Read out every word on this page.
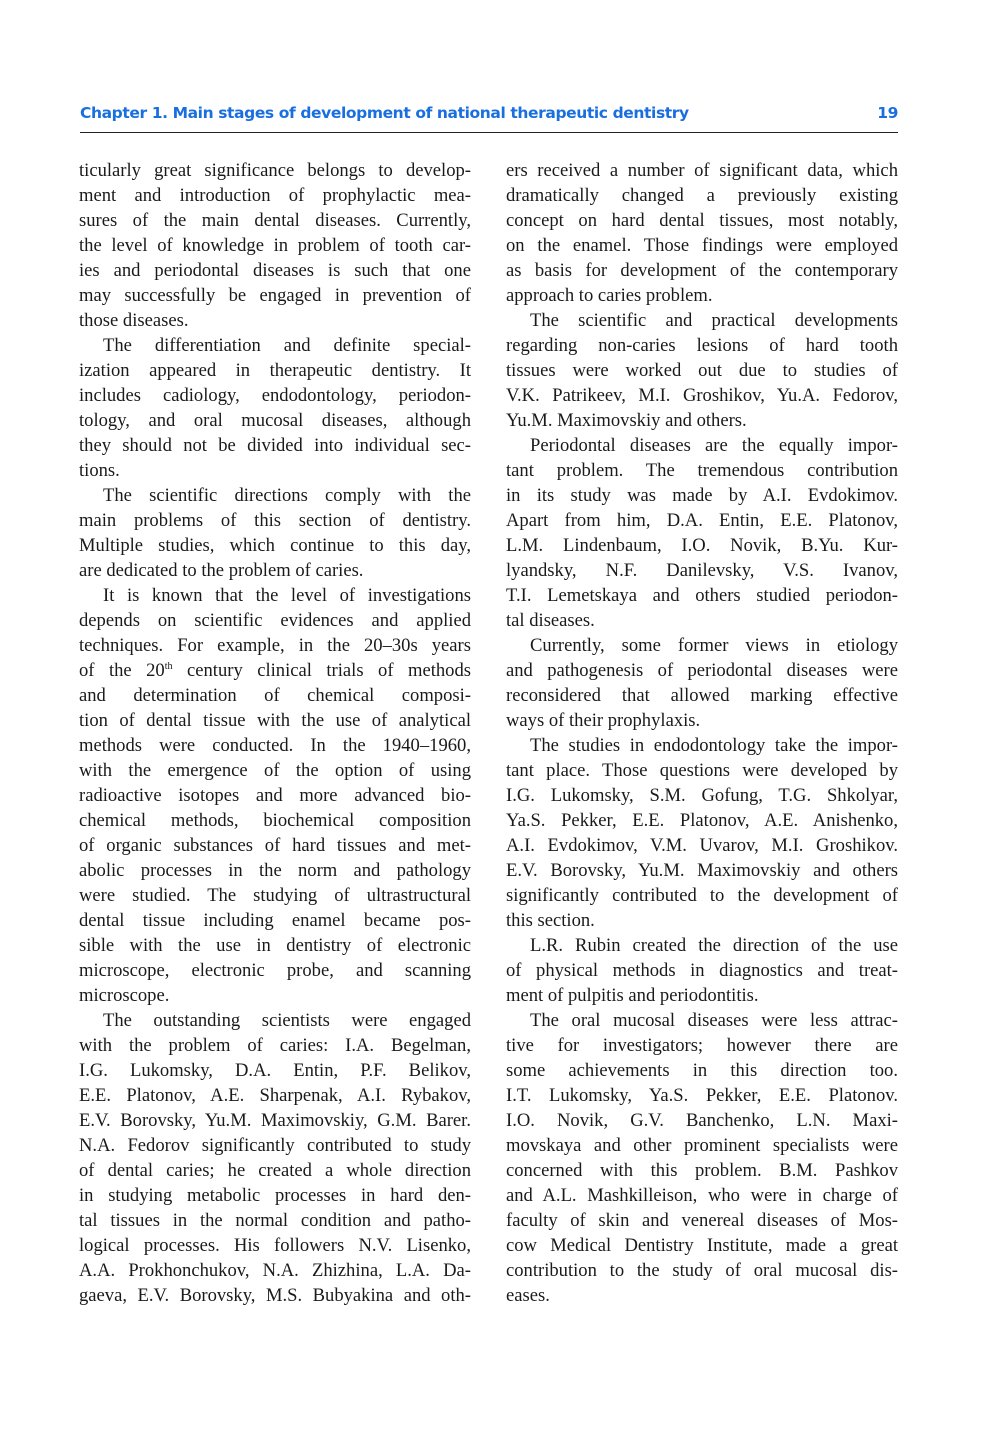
Chapter 1. Main stages of development of national therapeutic dentistry	19
ticularly great significance belongs to develop-
ment and introduction of prophylactic mea-
sures of the main dental diseases. Currently,
the level of knowledge in problem of tooth car-
ies and periodontal diseases is such that one
may successfully be engaged in prevention of
those diseases.
The differentiation and definite special-
ization appeared in therapeutic dentistry. It
includes cadiology, endodontology, periodon-
tology, and oral mucosal diseases, although
they should not be divided into individual sec-
tions.
The scientific directions comply with the
main problems of this section of dentistry.
Multiple studies, which continue to this day,
are dedicated to the problem of caries.
It is known that the level of investigations
depends on scientific evidences and applied
techniques. For example, in the 20–30s years
of the 20th century clinical trials of methods
and determination of chemical composi-
tion of dental tissue with the use of analytical
methods were conducted. In the 1940–1960,
with the emergence of the option of using
radioactive isotopes and more advanced bio-
chemical methods, biochemical composition
of organic substances of hard tissues and met-
abolic processes in the norm and pathology
were studied. The studying of ultrastructural
dental tissue including enamel became pos-
sible with the use in dentistry of electronic
microscope, electronic probe, and scanning
microscope.
The outstanding scientists were engaged
with the problem of caries: I.A. Begelman,
I.G. Lukomsky, D.A. Entin, P.F. Belikov,
E.E. Platonov, A.E. Sharpenak, A.I. Rybakov,
E.V. Borovsky, Yu.M. Maximovskiy, G.M. Barer.
N.A. Fedorov significantly contributed to study
of dental caries; he created a whole direction
in studying metabolic processes in hard den-
tal tissues in the normal condition and patho-
logical processes. His followers N.V. Lisenko,
A.A. Prokhonchukov, N.A. Zhizhina, L.A. Da-
gaeva, E.V. Borovsky, M.S. Bubyakina and oth-
ers received a number of significant data, which
dramatically changed a previously existing
concept on hard dental tissues, most notably,
on the enamel. Those findings were employed
as basis for development of the contemporary
approach to caries problem.
The scientific and practical developments
regarding non-caries lesions of hard tooth
tissues were worked out due to studies of
V.K. Patrikeev, M.I. Groshikov, Yu.A. Fedorov,
Yu.M. Maximovskiy and others.
Periodontal diseases are the equally impor-
tant problem. The tremendous contribution
in its study was made by A.I. Evdokimov.
Apart from him, D.A. Entin, E.E. Platonov,
L.M. Lindenbaum, I.O. Novik, B.Yu. Kur-
lyandsky, N.F. Danilevsky, V.S. Ivanov,
T.I. Lemetskaya and others studied periodon-
tal diseases.
Currently, some former views in etiology
and pathogenesis of periodontal diseases were
reconsidered that allowed marking effective
ways of their prophylaxis.
The studies in endodontology take the impor-
tant place. Those questions were developed by
I.G. Lukomsky, S.M. Gofung, T.G. Shkolyar,
Ya.S. Pekker, E.E. Platonov, A.E. Anishenko,
A.I. Evdokimov, V.M. Uvarov, M.I. Groshikov.
E.V. Borovsky, Yu.M. Maximovskiy and others
significantly contributed to the development of
this section.
L.R. Rubin created the direction of the use
of physical methods in diagnostics and treat-
ment of pulpitis and periodontitis.
The oral mucosal diseases were less attrac-
tive for investigators; however there are
some achievements in this direction too.
I.T. Lukomsky, Ya.S. Pekker, E.E. Platonov.
I.O. Novik, G.V. Banchenko, L.N. Maxi-
movskaya and other prominent specialists were
concerned with this problem. B.M. Pashkov
and A.L. Mashkilleison, who were in charge of
faculty of skin and venereal diseases of Mos-
cow Medical Dentistry Institute, made a great
contribution to the study of oral mucosal dis-
eases.
